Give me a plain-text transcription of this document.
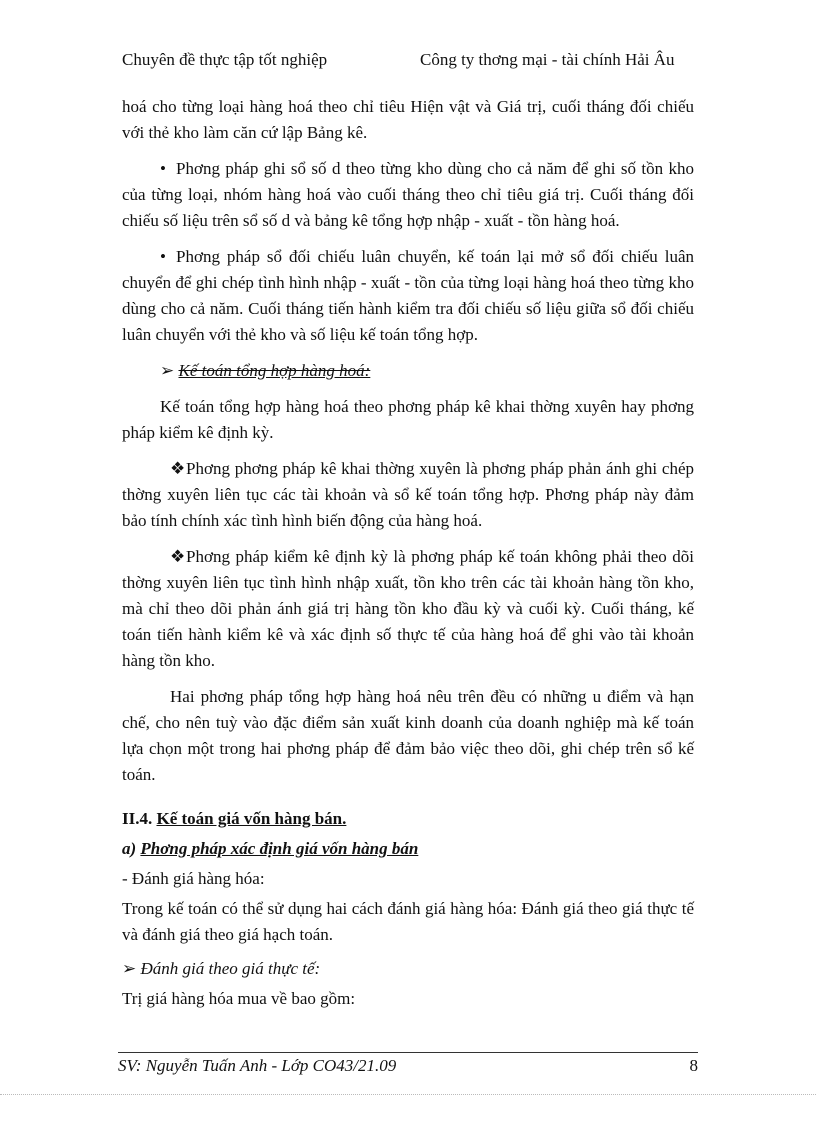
Chuyên đề thực tập tốt nghiệp	Công ty thơng mại - tài chính Hải Âu

hoá cho từng loại hàng hoá theo chỉ tiêu Hiện vật và Giá trị, cuối tháng đối chiếu với thẻ kho làm căn cứ lập Bảng kê.

• Phơng pháp ghi sổ số d theo từng kho dùng cho cả năm để ghi số tồn kho của từng loại, nhóm hàng hoá vào cuối tháng theo chỉ tiêu giá trị. Cuối tháng đối chiếu số liệu trên sổ số d và bảng kê tổng hợp nhập - xuất - tồn hàng hoá.

• Phơng pháp sổ đối chiếu luân chuyển, kế toán lại mở sổ đối chiếu luân chuyển để ghi chép tình hình nhập - xuất - tồn của từng loại hàng hoá theo từng kho dùng cho cả năm. Cuối tháng tiến hành kiểm tra đối chiếu số liệu giữa sổ đối chiếu luân chuyển với thẻ kho và số liệu kế toán tổng hợp.

➢ Kế toán tổng hợp hàng hoá:

Kế toán tổng hợp hàng hoá theo phơng pháp kê khai thờng xuyên hay phơng pháp kiểm kê định kỳ.

❖Phơng phơng pháp kê khai thờng xuyên là phơng pháp phản ánh ghi chép thờng xuyên liên tục các tài khoản và sổ kế toán tổng hợp. Phơng pháp này đảm bảo tính chính xác tình hình biến động của hàng hoá.

❖Phơng pháp kiểm kê định kỳ là phơng pháp kế toán không phải theo dõi thờng xuyên liên tục tình hình nhập xuất, tồn kho trên các tài khoản hàng tồn kho, mà chỉ theo dõi phản ánh giá trị hàng tồn kho đầu kỳ và cuối kỳ. Cuối tháng, kế toán tiến hành kiểm kê và xác định số thực tế của hàng hoá để ghi vào tài khoản hàng tồn kho.

Hai phơng pháp tổng hợp hàng hoá nêu trên đều có những u điểm và hạn chế, cho nên tuỳ vào đặc điểm sản xuất kinh doanh của doanh nghiệp mà kế toán lựa chọn một trong hai phơng pháp để đảm bảo việc theo dõi, ghi chép trên sổ kế toán.

II.4. Kế toán giá vốn hàng bán.

a) Phơng pháp xác định giá vốn hàng bán

- Đánh giá hàng hóa:

Trong kế toán có thể sử dụng hai cách đánh giá hàng hóa: Đánh giá theo giá thực tế và đánh giá theo giá hạch toán.

➢ Đánh giá theo giá thực tế:

Trị giá hàng hóa mua về bao gồm:

SV: Nguyễn Tuấn Anh - Lớp CO43/21.09	8
